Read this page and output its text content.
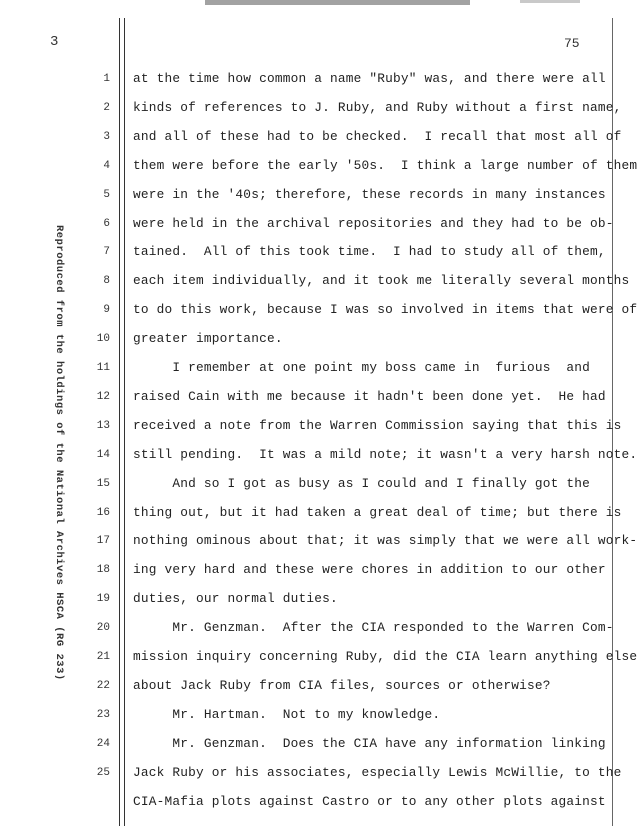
3	75
Reproduced from the holdings of the National Archives HSCA (RG 233)
1
2
3
4
5
6
7
8
9
10
11
12
13
14
15
16
17
18
19
20
21
22
23
24
25
at the time how common a name "Ruby" was, and there were all
kinds of references to J. Ruby, and Ruby without a first name,
and all of these had to be checked.  I recall that most all of
them were before the early '50s.  I think a large number of them
were in the '40s; therefore, these records in many instances
were held in the archival repositories and they had to be ob-
tained.  All of this took time.  I had to study all of them,
each item individually, and it took me literally several months
to do this work, because I was so involved in items that were of
greater importance.
I remember at one point my boss came in  furious  and
raised Cain with me because it hadn't been done yet.  He had
received a note from the Warren Commission saying that this is
still pending.  It was a mild note; it wasn't a very harsh note.
And so I got as busy as I could and I finally got the
thing out, but it had taken a great deal of time; but there is
nothing ominous about that; it was simply that we were all work-
ing very hard and these were chores in addition to our other
duties, our normal duties.
Mr. Genzman.  After the CIA responded to the Warren Com-
mission inquiry concerning Ruby, did the CIA learn anything else
about Jack Ruby from CIA files, sources or otherwise?
Mr. Hartman.  Not to my knowledge.
Mr. Genzman.  Does the CIA have any information linking
Jack Ruby or his associates, especially Lewis McWillie, to the
CIA-Mafia plots against Castro or to any other plots against
